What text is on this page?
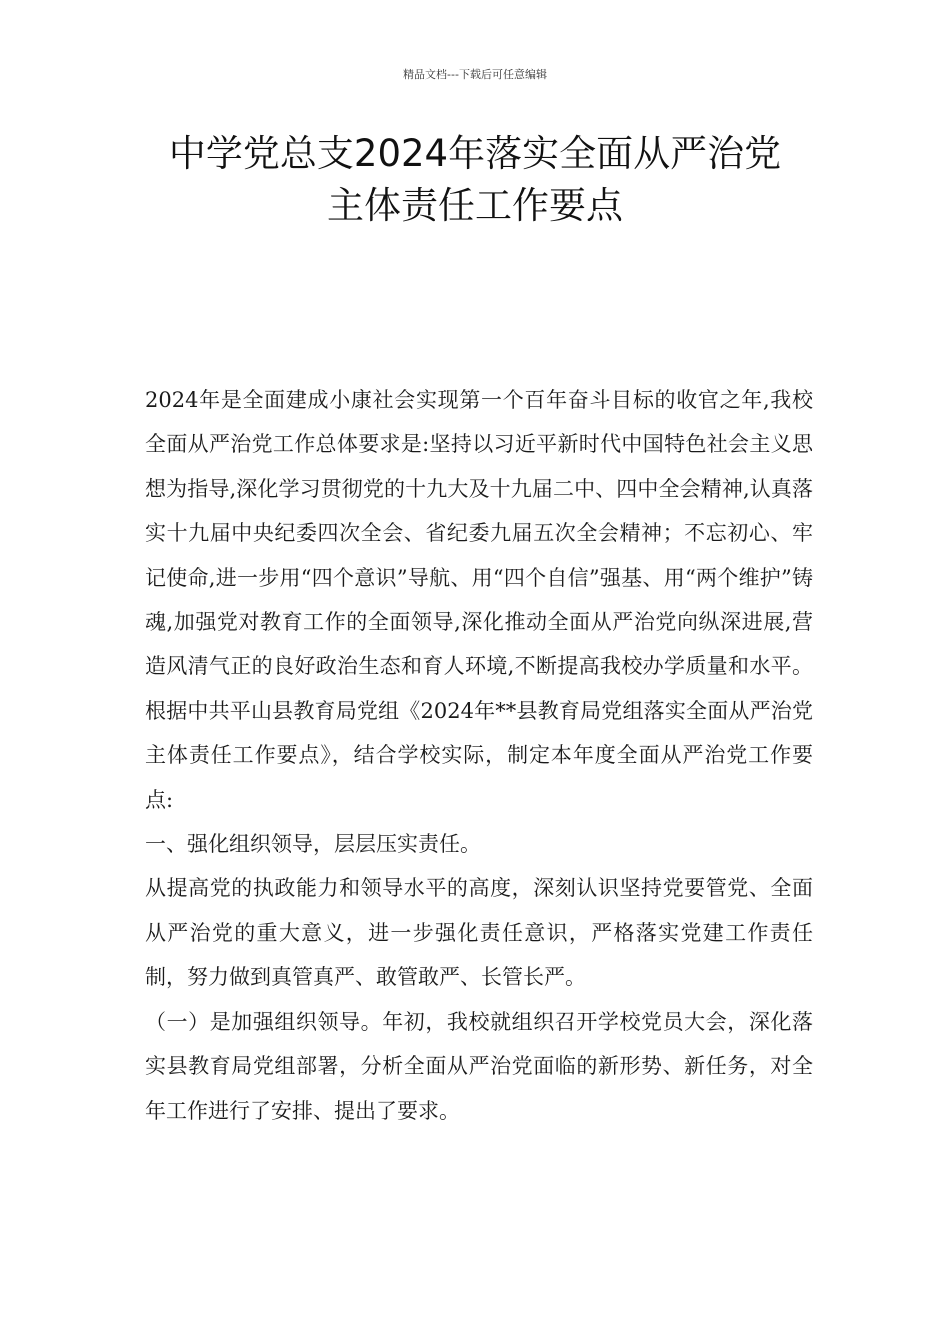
精品文档---下载后可任意编辑
中学党总支2024年落实全面从严治党
主体责任工作要点

2024年是全面建成小康社会实现第一个百年奋斗目标的收官之年,我校全面从严治党工作总体要求是:坚持以习近平新时代中国特色社会主义思想为指导,深化学习贯彻党的十九大及十九届二中、四中全会精神,认真落实十九届中央纪委四次全会、省纪委九届五次全会精神；不忘初心、牢记使命,进一步用“四个意识”导航、用“四个自信”强基、用“两个维护”铸魂,加强党对教育工作的全面领导,深化推动全面从严治党向纵深进展,营造风清气正的良好政治生态和育人环境,不断提高我校办学质量和水平。根据中共平山县教育局党组《2024年**县教育局党组落实全面从严治党主体责任工作要点》，结合学校实际，制定本年度全面从严治党工作要点:

一、强化组织领导，层层压实责任。

从提高党的执政能力和领导水平的高度，深刻认识坚持党要管党、全面从严治党的重大意义，进一步强化责任意识，严格落实党建工作责任制，努力做到真管真严、敢管敢严、长管长严。

（一）是加强组织领导。年初，我校就组织召开学校党员大会，深化落实县教育局党组部署，分析全面从严治党面临的新形势、新任务，对全年工作进行了安排、提出了要求。
